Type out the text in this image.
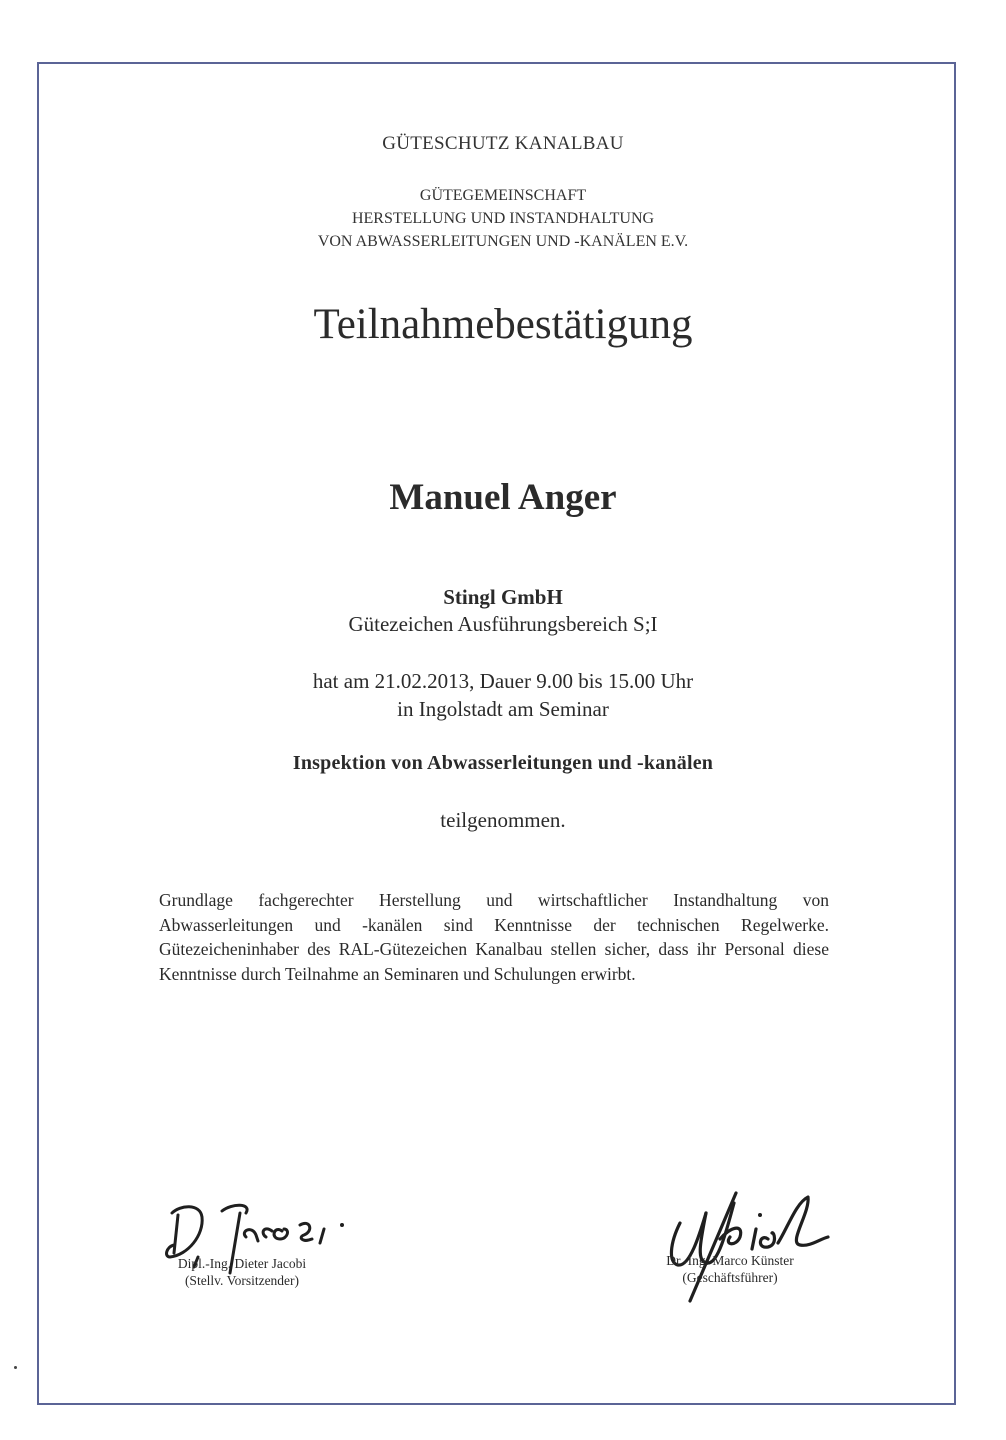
GÜTESCHUTZ KANALBAU
GÜTEGEMEINSCHAFT
HERSTELLUNG UND INSTANDHALTUNG
VON ABWASSERLEITUNGEN UND -KANÄLEN E.V.
Teilnahmebestätigung
Manuel Anger
Stingl GmbH
Gütezeichen Ausführungsbereich S;I
hat am 21.02.2013, Dauer 9.00 bis 15.00 Uhr
in Ingolstadt am Seminar
Inspektion von Abwasserleitungen und -kanälen
teilgenommen.
Grundlage fachgerechter Herstellung und wirtschaftlicher Instandhaltung von Abwasserleitungen und -kanälen sind Kenntnisse der technischen Regelwerke. Gütezeicheninhaber des RAL-Gütezeichen Kanalbau stellen sicher, dass ihr Personal diese Kenntnisse durch Teilnahme an Seminaren und Schulungen erwirbt.
Dipl.-Ing. Dieter Jacobi
(Stellv. Vorsitzender)
Dr.-Ing. Marco Künster
(Geschäftsführer)
